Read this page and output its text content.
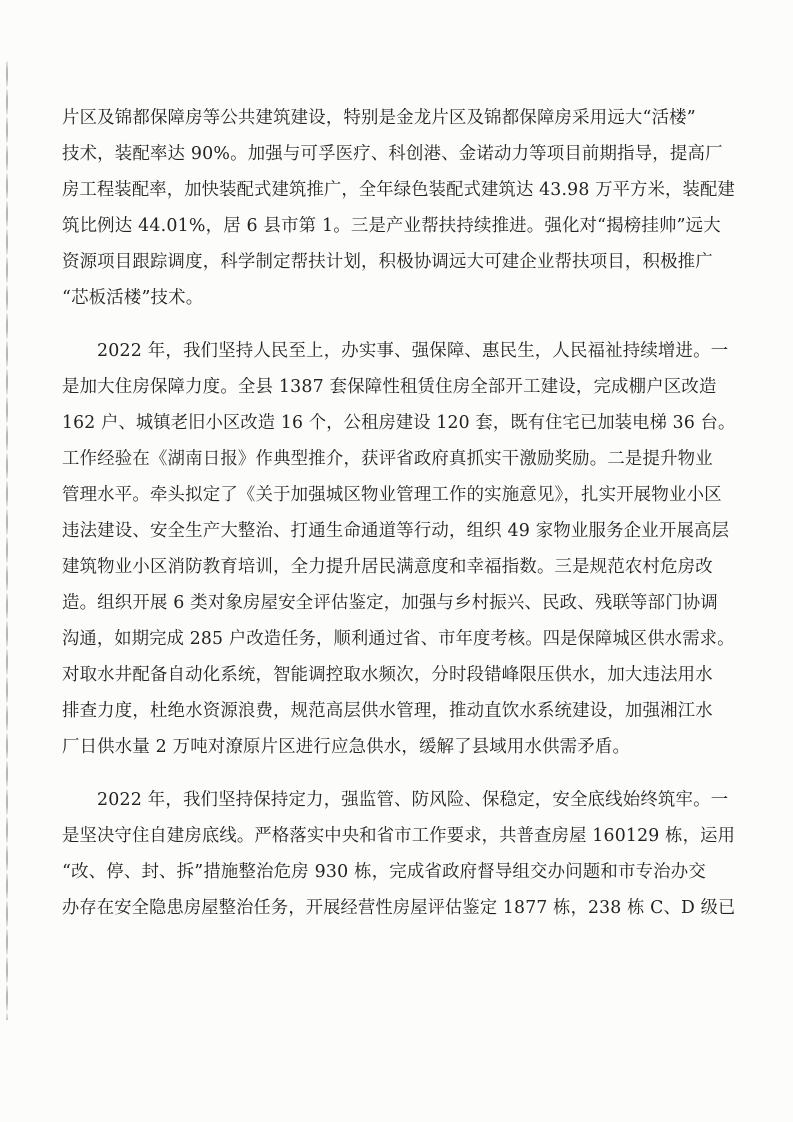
片区及锦都保障房等公共建筑建设，特别是金龙片区及锦都保障房采用远大“活楼”
技术，装配率达 90%。加强与可孚医疗、科创港、金诺动力等项目前期指导，提高厂
房工程装配率，加快装配式建筑推广，全年绿色装配式建筑达 43.98 万平方米，装配建
筑比例达 44.01%，居 6 县市第 1。三是产业帮扶持续推进。强化对“揭榜挂帅”远大
资源项目跟踪调度，科学制定帮扶计划，积极协调远大可建企业帮扶项目，积极推广
“芯板活楼”技术。
2022 年，我们坚持人民至上，办实事、强保障、惠民生，人民福祉持续增进。一
是加大住房保障力度。全县 1387 套保障性租赁住房全部开工建设，完成棚户区改造
162 户、城镇老旧小区改造 16 个，公租房建设 120 套，既有住宅已加装电梯 36 台。
工作经验在《湖南日报》作典型推介，获评省政府真抓实干激励奖励。二是提升物业
管理水平。牵头拟定了《关于加强城区物业管理工作的实施意见》，扎实开展物业小区
违法建设、安全生产大整治、打通生命通道等行动，组织 49 家物业服务企业开展高层
建筑物业小区消防教育培训，全力提升居民满意度和幸福指数。三是规范农村危房改
造。组织开展 6 类对象房屋安全评估鉴定，加强与乡村振兴、民政、残联等部门协调
沟通，如期完成 285 户改造任务，顺利通过省、市年度考核。四是保障城区供水需求。
对取水井配备自动化系统，智能调控取水频次，分时段错峰限压供水，加大违法用水
排查力度，杜绝水资源浪费，规范高层供水管理，推动直饮水系统建设，加强湘江水
厂日供水量 2 万吨对潦原片区进行应急供水，缓解了县域用水供需矛盾。
2022 年，我们坚持保持定力，强监管、防风险、保稳定，安全底线始终筑牢。一
是坚决守住自建房底线。严格落实中央和省市工作要求，共普查房屋 160129 栋，运用
“改、停、封、拆”措施整治危房 930 栋，完成省政府督导组交办问题和市专治办交
办存在安全隐患房屋整治任务，开展经营性房屋评估鉴定 1877 栋，238 栋 C、D 级已
